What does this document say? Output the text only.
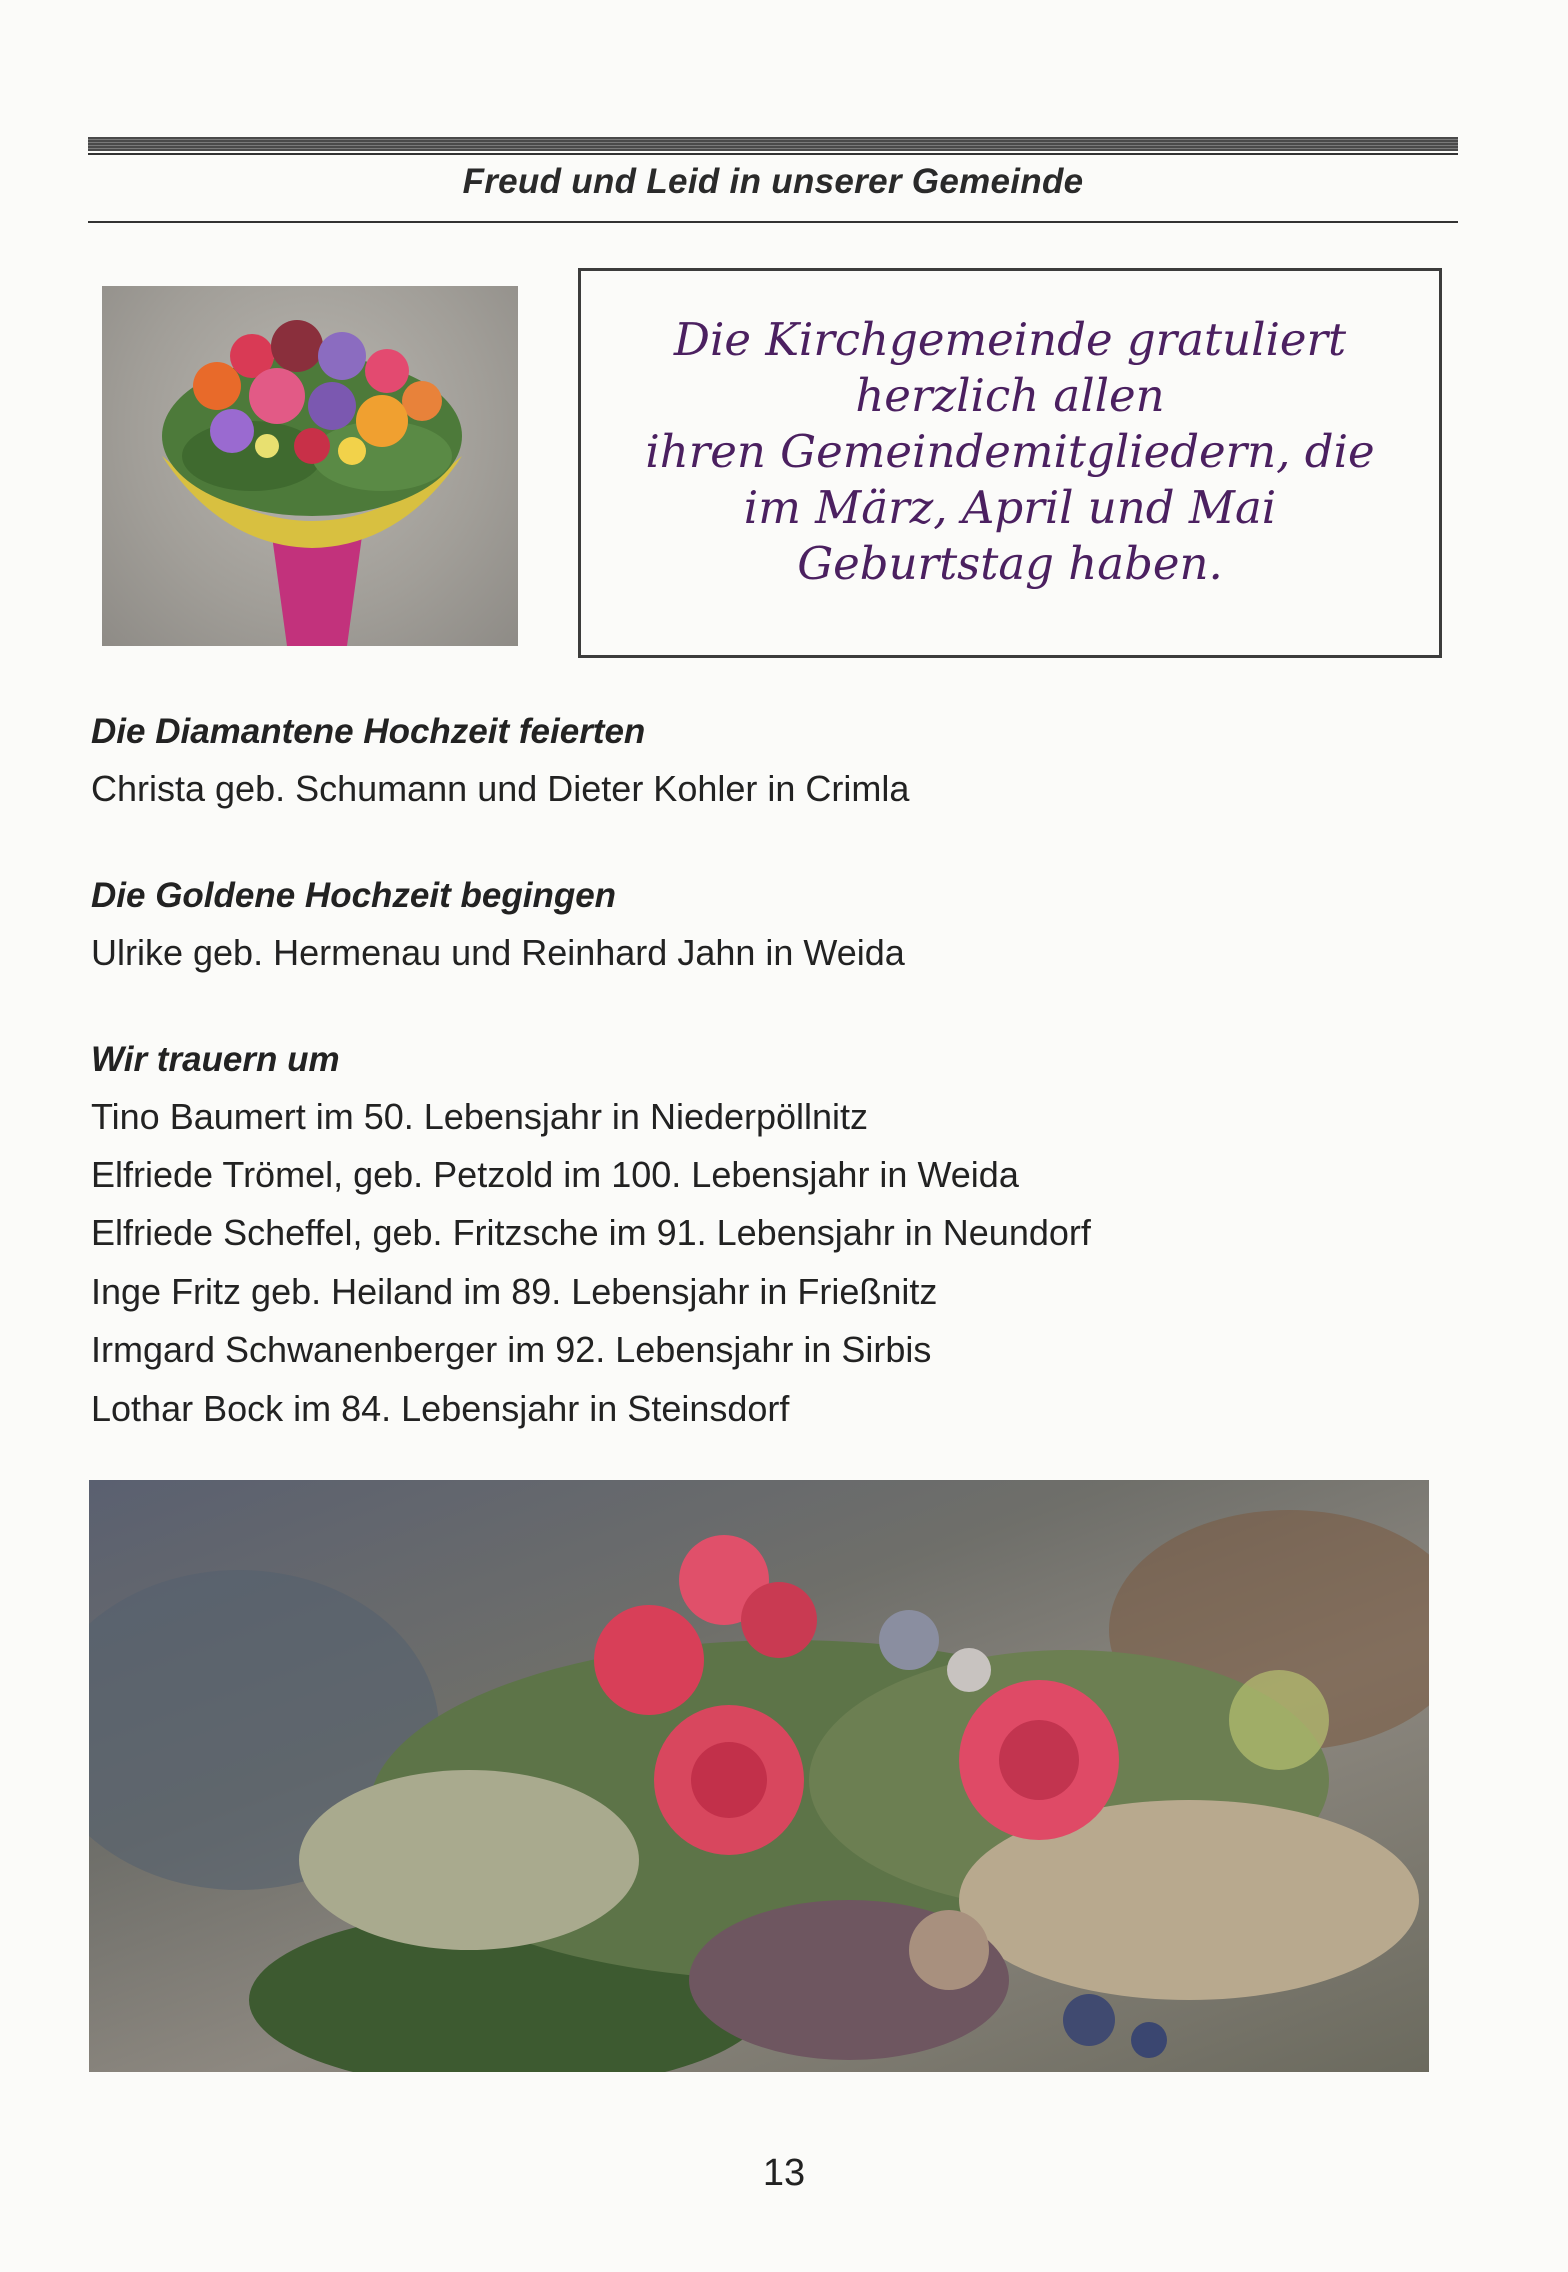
Freud und Leid in unserer Gemeinde
Die Kirchgemeinde gratuliert
herzlich allen
ihren Gemeindemitgliedern, die
im März, April und Mai
Geburtstag haben.
Die Diamantene Hochzeit feierten
Christa geb. Schumann und Dieter Kohler in Crimla
Die Goldene Hochzeit begingen
Ulrike geb. Hermenau und Reinhard Jahn in Weida
Wir trauern um
Tino Baumert im 50. Lebensjahr in Niederpöllnitz
Elfriede Trömel, geb. Petzold im 100. Lebensjahr in Weida
Elfriede Scheffel, geb. Fritzsche im 91. Lebensjahr in Neundorf
Inge Fritz geb. Heiland im 89. Lebensjahr in Frießnitz
Irmgard Schwanenberger im 92. Lebensjahr in Sirbis
Lothar Bock im 84. Lebensjahr in Steinsdorf
13
